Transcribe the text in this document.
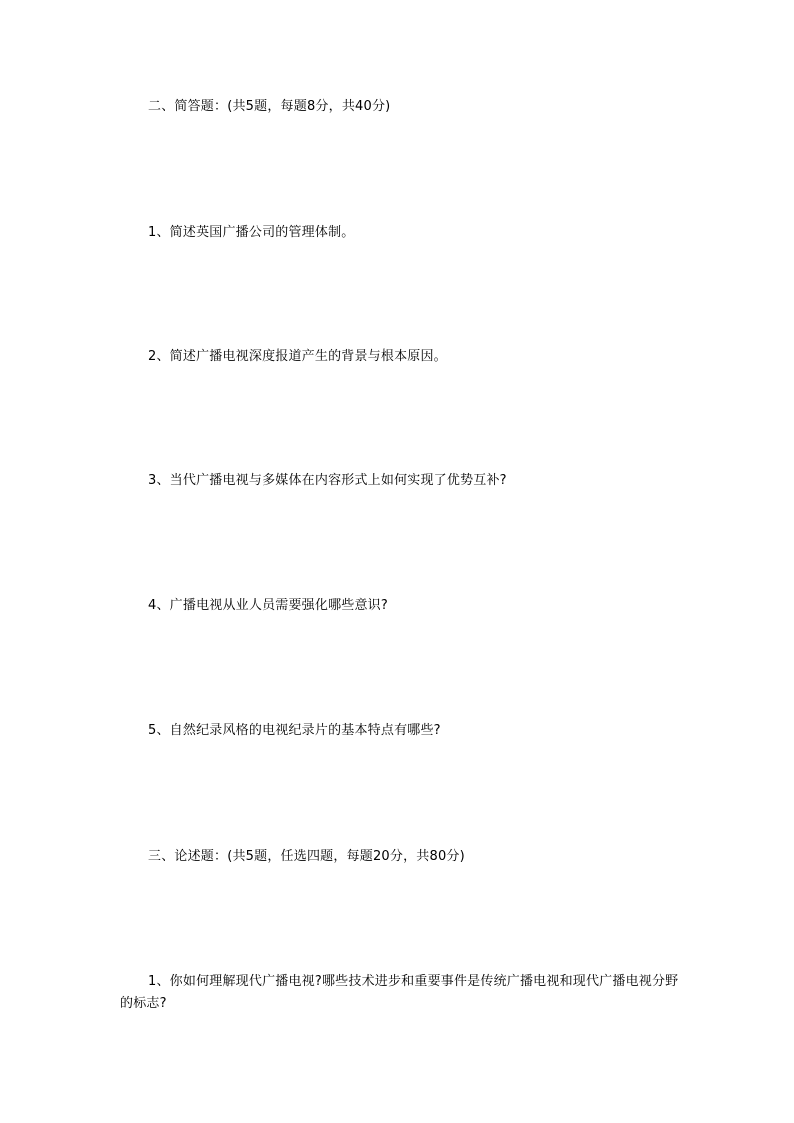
二、简答题：(共5题，每题8分，共40分)
1、简述英国广播公司的管理体制。
2、简述广播电视深度报道产生的背景与根本原因。
3、当代广播电视与多媒体在内容形式上如何实现了优势互补?
4、广播电视从业人员需要强化哪些意识?
5、自然纪录风格的电视纪录片的基本特点有哪些?
三、论述题：(共5题，任选四题，每题20分，共80分)
1、你如何理解现代广播电视?哪些技术进步和重要事件是传统广播电视和现代广播电视分野的标志?
